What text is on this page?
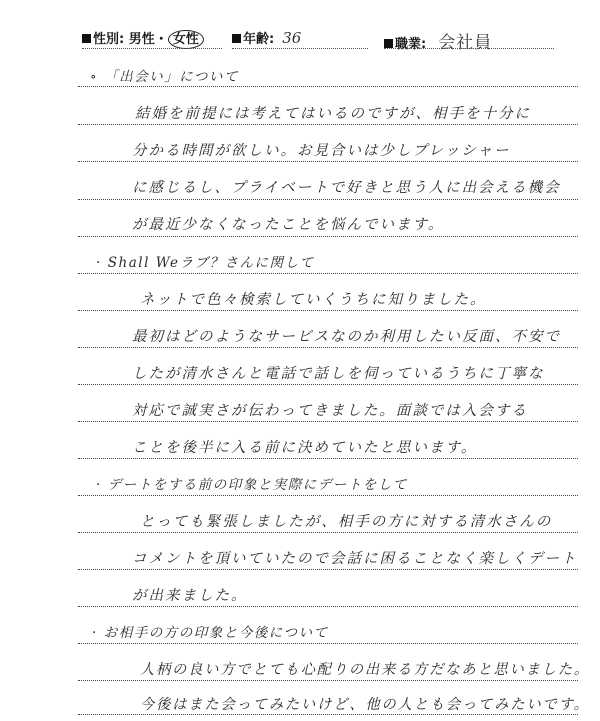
性別: 男性・ 女性	年齢: 36	職業: 会社員
∘ 「出会い」について
結婚を前提には考えてはいるのですが、相手を十分に
分かる時間が欲しい。お見合いは少しプレッシャー
に感じるし、プライベートで好きと思う人に出会える機会
が最近少なくなったことを悩んでいます。
· Shall Weラブ？さんに関して
ネットで色々検索していくうちに知りました。
最初はどのようなサービスなのか利用したい反面、不安で
したが清水さんと電話で話しを伺っているうちに丁寧な
対応で誠実さが伝わってきました。面談では入会する
ことを後半に入る前に決めていたと思います。
· デートをする前の印象と実際にデートをして
とっても緊張しましたが、相手の方に対する清水さんの
コメントを頂いていたので会話に困ることなく楽しくデート
が出来ました。
· お相手の方の印象と今後について
人柄の良い方でとても心配りの出来る方だなあと思いました。
今後はまた会ってみたいけど、他の人とも会ってみたいです。
